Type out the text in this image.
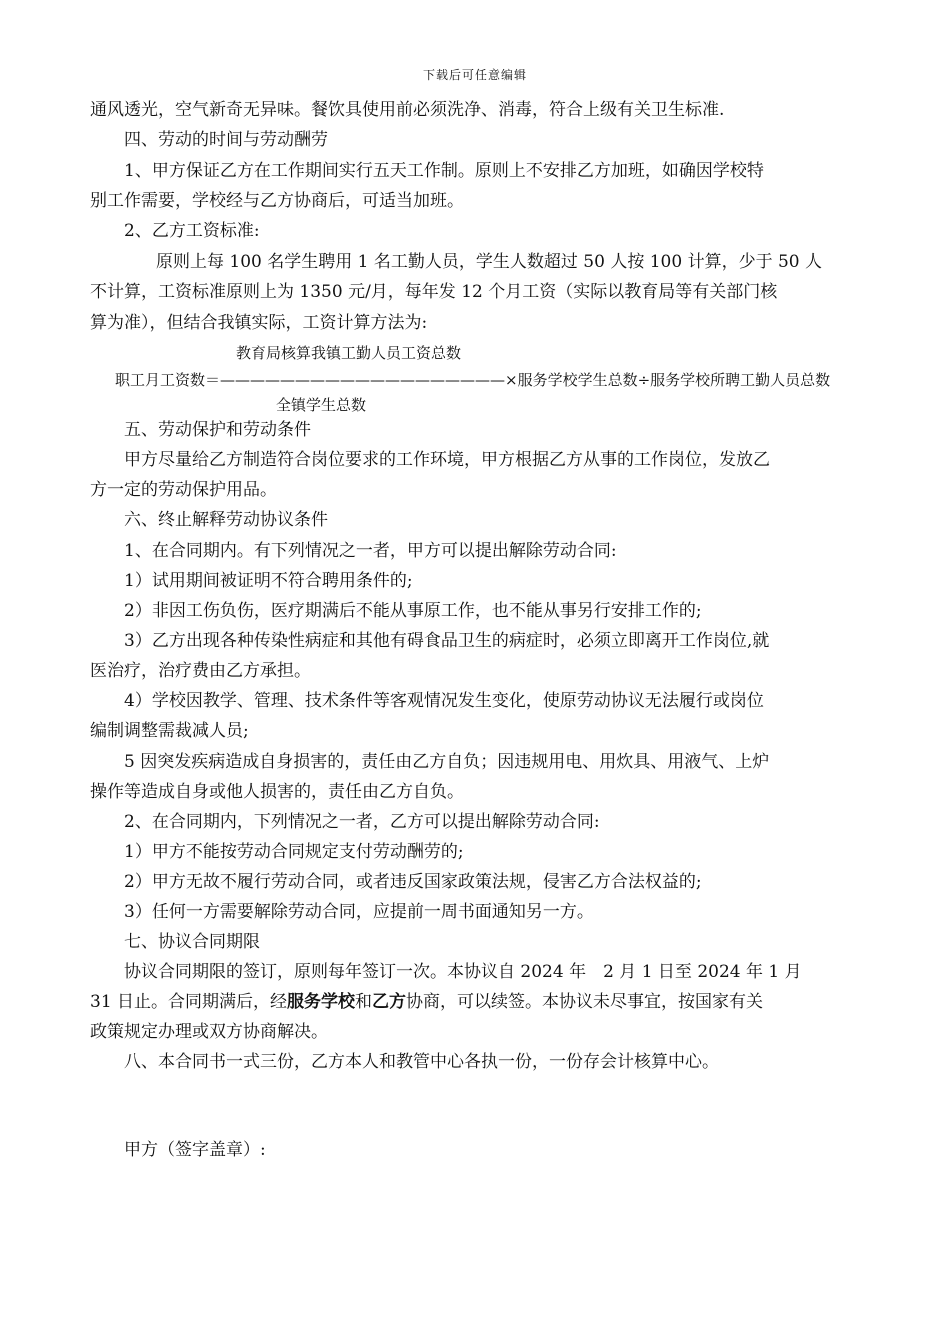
下载后可任意编辑
通风透光，空气新奇无异味。餐饮具使用前必须洗净、消毒，符合上级有关卫生标准.
四、劳动的时间与劳动酬劳
1、甲方保证乙方在工作期间实行五天工作制。原则上不安排乙方加班，如确因学校特
别工作需要，学校经与乙方协商后，可适当加班。
2、乙方工资标准:
原则上每 100 名学生聘用 1 名工勤人员，学生人数超过 50 人按 100 计算，少于 50 人
不计算，工资标准原则上为 1350 元/月，每年发 12 个月工资（实际以教育局等有关部门核
算为准），但结合我镇实际，工资计算方法为:
教育局核算我镇工勤人员工资总数
职工月工资数＝———————————————————×服务学校学生总数÷服务学校所聘工勤人员总数
全镇学生总数
五、劳动保护和劳动条件
甲方尽量给乙方制造符合岗位要求的工作环境，甲方根据乙方从事的工作岗位，发放乙
方一定的劳动保护用品。
六、终止解释劳动协议条件
1、在合同期内。有下列情况之一者，甲方可以提出解除劳动合同:
1）试用期间被证明不符合聘用条件的;
2）非因工伤负伤，医疗期满后不能从事原工作，也不能从事另行安排工作的;
3）乙方出现各种传染性病症和其他有碍食品卫生的病症时，必须立即离开工作岗位,就
医治疗，治疗费由乙方承担。
4）学校因教学、管理、技术条件等客观情况发生变化，使原劳动协议无法履行或岗位
编制调整需裁减人员;
5 因突发疾病造成自身损害的，责任由乙方自负；因违规用电、用炊具、用液气、上炉
操作等造成自身或他人损害的，责任由乙方自负。
2、在合同期内，下列情况之一者，乙方可以提出解除劳动合同:
1）甲方不能按劳动合同规定支付劳动酬劳的;
2）甲方无故不履行劳动合同，或者违反国家政策法规，侵害乙方合法权益的;
3）任何一方需要解除劳动合同，应提前一周书面通知另一方。
七、协议合同期限
协议合同期限的签订，原则每年签订一次。本协议自 2024 年　2 月 1 日至 2024 年 1 月
31 日止。合同期满后，经服务学校和乙方协商，可以续签。本协议未尽事宜，按国家有关
政策规定办理或双方协商解决。
八、本合同书一式三份，乙方本人和教管中心各执一份，一份存会计核算中心。
甲方（签字盖章）:
